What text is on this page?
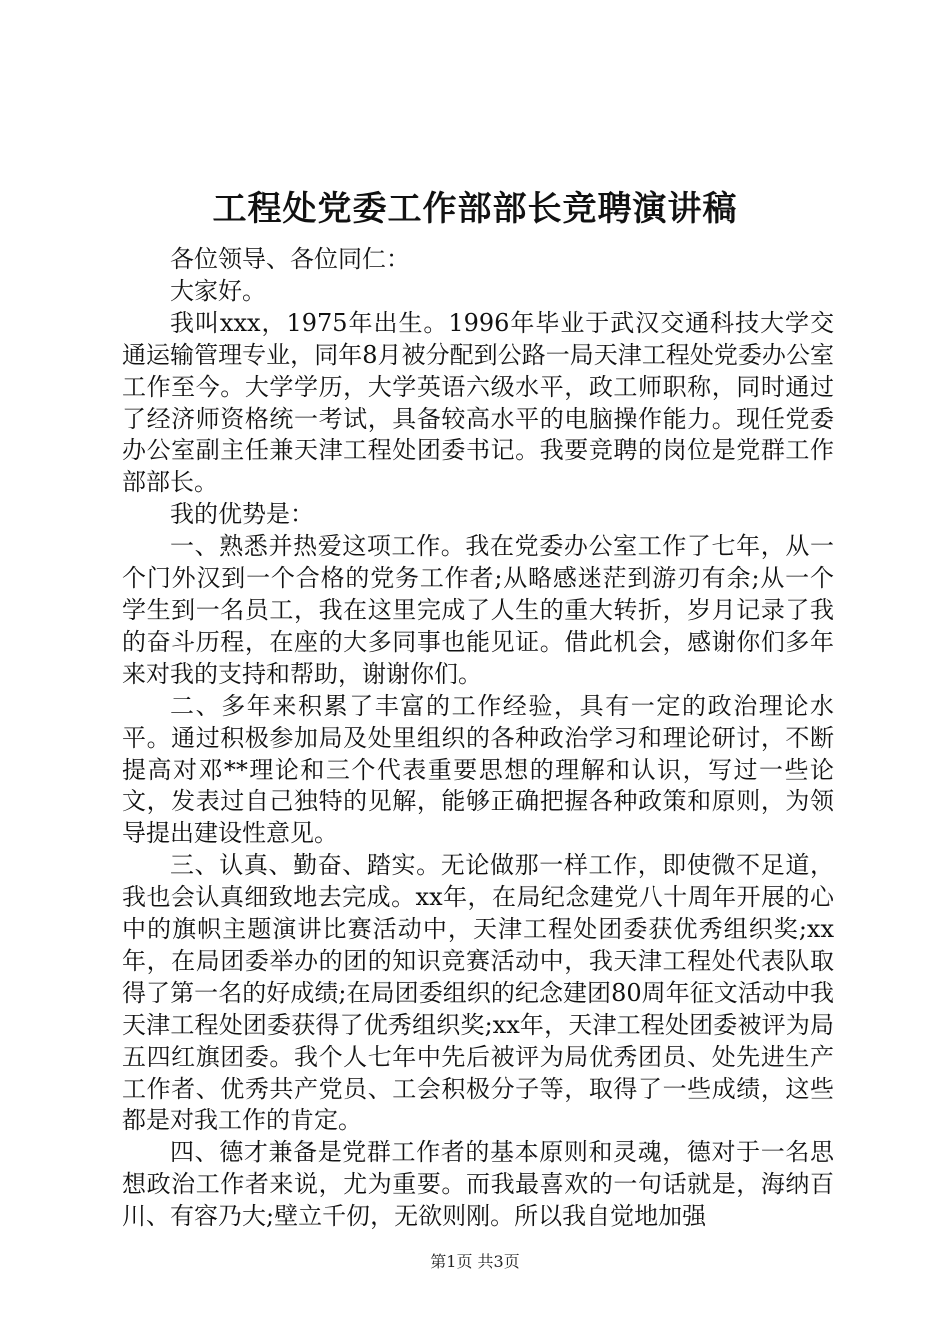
工程处党委工作部部长竞聘演讲稿

各位领导、各位同仁：

大家好。

我叫xxx，1975年出生。1996年毕业于武汉交通科技大学交通运输管理专业，同年8月被分配到公路一局天津工程处党委办公室工作至今。大学学历，大学英语六级水平，政工师职称，同时通过了经济师资格统一考试，具备较高水平的电脑操作能力。现任党委办公室副主任兼天津工程处团委书记。我要竞聘的岗位是党群工作部部长。

我的优势是：

一、熟悉并热爱这项工作。我在党委办公室工作了七年，从一个门外汉到一个合格的党务工作者;从略感迷茫到游刃有余;从一个学生到一名员工，我在这里完成了人生的重大转折，岁月记录了我的奋斗历程，在座的大多同事也能见证。借此机会，感谢你们多年来对我的支持和帮助，谢谢你们。

二、多年来积累了丰富的工作经验，具有一定的政治理论水平。通过积极参加局及处里组织的各种政治学习和理论研讨，不断提高对邓**理论和三个代表重要思想的理解和认识，写过一些论文，发表过自己独特的见解，能够正确把握各种政策和原则，为领导提出建设性意见。

三、认真、勤奋、踏实。无论做那一样工作，即使微不足道，我也会认真细致地去完成。xx年，在局纪念建党八十周年开展的心中的旗帜主题演讲比赛活动中，天津工程处团委获优秀组织奖;xx年，在局团委举办的团的知识竞赛活动中，我天津工程处代表队取得了第一名的好成绩;在局团委组织的纪念建团80周年征文活动中我天津工程处团委获得了优秀组织奖;xx年，天津工程处团委被评为局五四红旗团委。我个人七年中先后被评为局优秀团员、处先进生产工作者、优秀共产党员、工会积极分子等，取得了一些成绩，这些都是对我工作的肯定。

四、德才兼备是党群工作者的基本原则和灵魂，德对于一名思想政治工作者来说，尤为重要。而我最喜欢的一句话就是，海纳百川、有容乃大;壁立千仞，无欲则刚。所以我自觉地加强

第1页 共3页
